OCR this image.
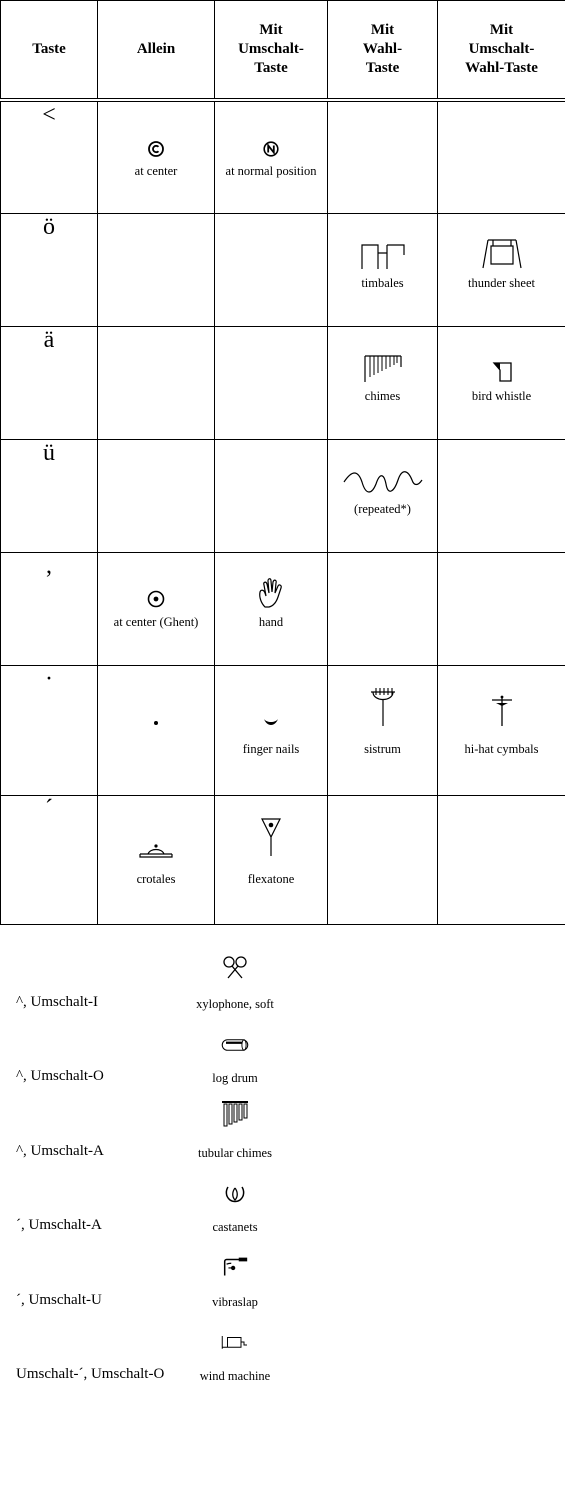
Taste	Allein	Mit Umschalt-Taste	Mit Wahl-Taste	Mit Umschalt-Wahl-Taste

<	at center	at normal position		

ö			timbales	thunder sheet

ä			chimes	bird whistle

ü			(repeated*)	

,	at center (Ghent)	hand		

·		finger nails	sistrum	hi-hat cymbals

´	crotales	flexatone		

^, Umschalt-I	xylophone, soft
^, Umschalt-O	log drum
^, Umschalt-A	tubular chimes
´, Umschalt-A	castanets
´, Umschalt-U	vibraslap
Umschalt-´, Umschalt-O	wind machine
